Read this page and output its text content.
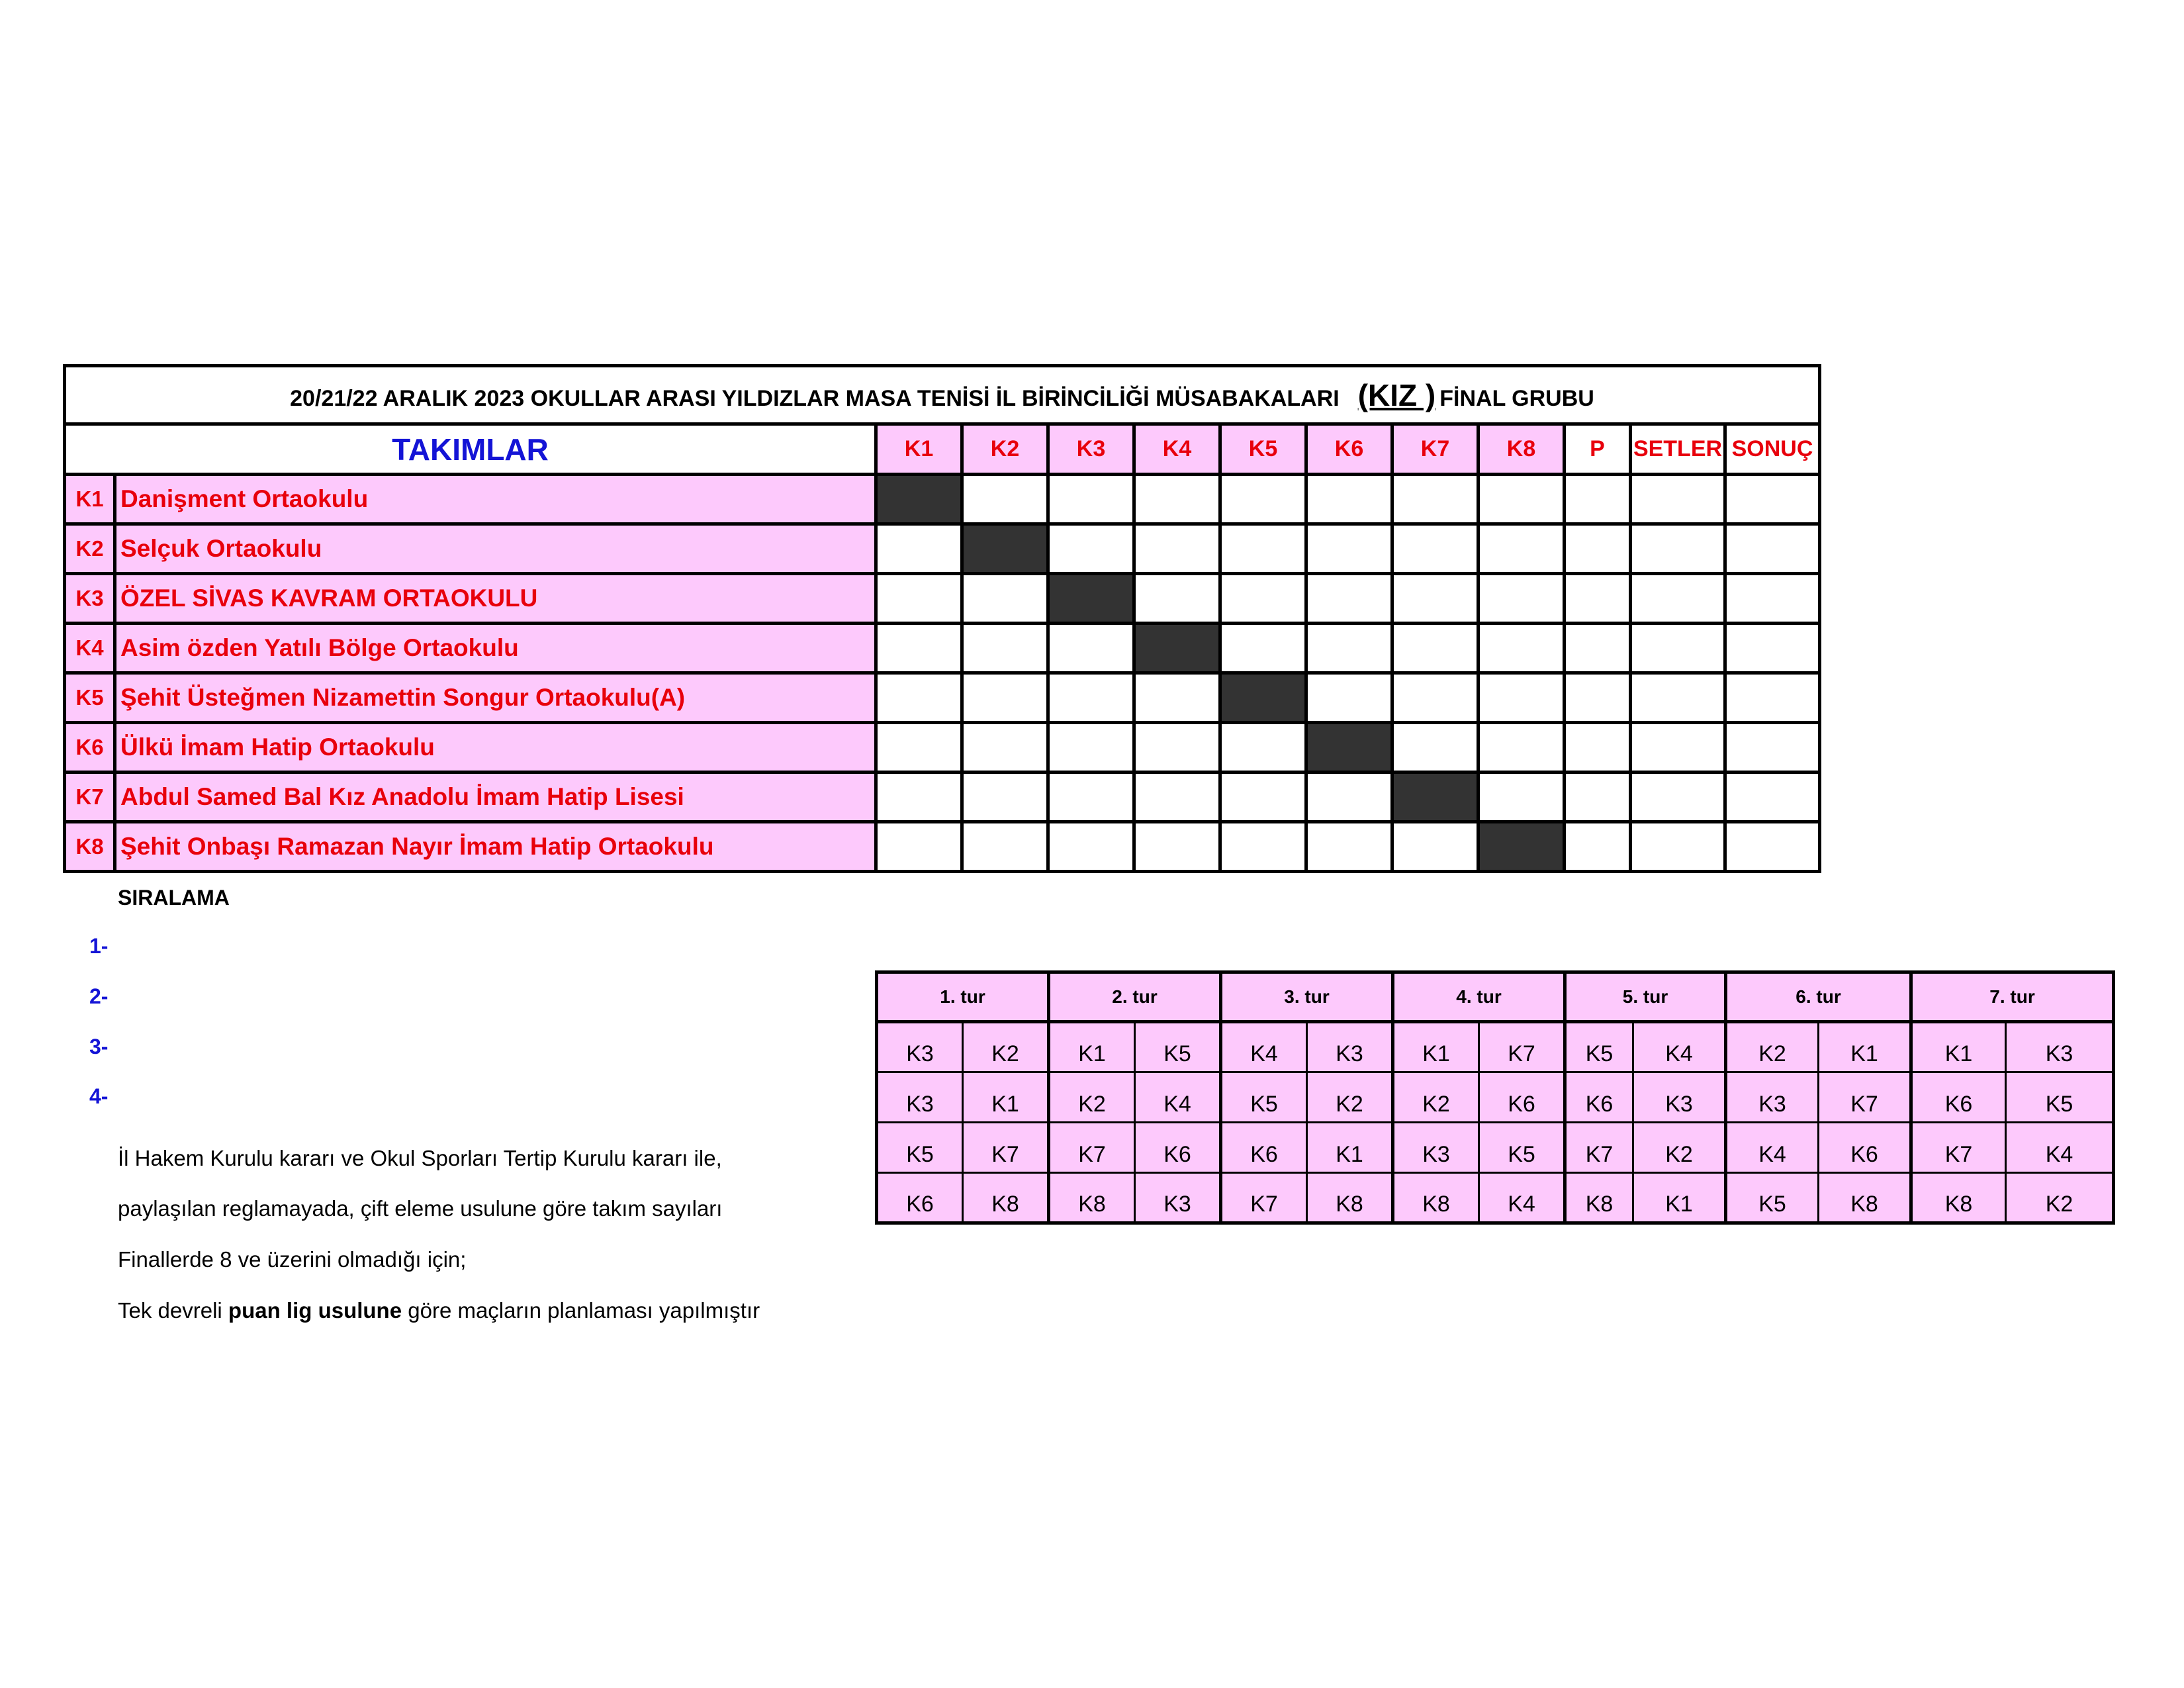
20/21/22 ARALIK 2023 OKULLAR ARASI YILDIZLAR MASA TENİSİ İL BİRİNCİLİĞİ MÜSABAKALARI (KIZ ) FİNAL GRUBU												
TAKIMLAR		K1	K2	K3	K4	K5	K6	K7	K8	P	SETLER	SONUÇ
K1	Danişment Ortaokulu											
K2	Selçuk Ortaokulu											
K3	ÖZEL SİVAS KAVRAM ORTAOKULU											
K4	Asim özden Yatılı Bölge Ortaokulu											
K5	Şehit Üsteğmen Nizamettin Songur Ortaokulu(A)											
K6	Ülkü İmam Hatip Ortaokulu											
K7	Abdul Samed Bal Kız Anadolu İmam Hatip Lisesi											
K8	Şehit Onbaşı Ramazan Nayır İmam Hatip Ortaokulu											
SIRALAMA
1-
2-
3-
4-
İl Hakem Kurulu kararı ve Okul Sporları Tertip Kurulu kararı ile,
paylaşılan reglamayada, çift eleme usulune göre takım sayıları
Finallerde 8 ve üzerini olmadığı için;
Tek devreli puan lig usulune göre maçların planlaması yapılmıştır
1. tur		2. tur		3. tur		4. tur		5. tur		6. tur		7. tur	
K3	K2	K1	K5	K4	K3	K1	K7	K5	K4	K2	K1	K1	K3
K3	K1	K2	K4	K5	K2	K2	K6	K6	K3	K3	K7	K6	K5
K5	K7	K7	K6	K6	K1	K3	K5	K7	K2	K4	K6	K7	K4
K6	K8	K8	K3	K7	K8	K8	K4	K8	K1	K5	K8	K8	K2
